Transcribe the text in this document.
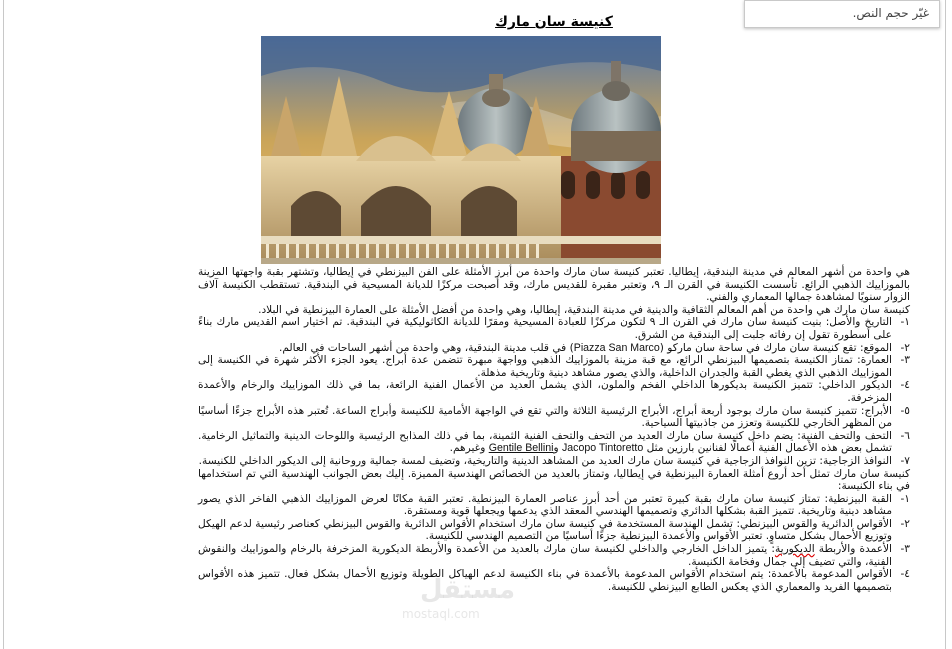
غيّر حجم النص.
كنيسة سان مارك

هي واحدة من أشهر المعالم في مدينة البندقية، إيطاليا. تعتبر كنيسة سان مارك واحدة من أبرز الأمثلة على الفن البيزنطي في إيطاليا، وتشتهر بقبة واجهتها المزينة بالموزاييك الذهبي الرائع. تأسست الكنيسة في القرن الـ ٩، وتعتبر مقبرة للقديس مارك، وقد أصبحت مركزًا للديانة المسيحية في البندقية. تستقطب الكنيسة آلاف الزوار سنويًا لمشاهدة جمالها المعماري والفني.

كنيسة سان مارك هي واحدة من أهم المعالم الثقافية والدينية في مدينة البندقية، إيطاليا، وهي واحدة من أفضل الأمثلة على العمارة البيزنطية في البلاد.

١-
التاريخ والأصل: بنيت كنيسة سان مارك في القرن الـ ٩ لتكون مركزًا للعبادة المسيحية ومقرًا للديانة الكاثوليكية في البندقية. تم اختيار اسم القديس مارك بناءً على أسطورة تقول إن رفاته جلبت إلى البندقية من الشرق.

٢-
الموقع: تقع كنيسة سان مارك في ساحة سان ماركو (Piazza San Marco) في قلب مدينة البندقية، وهي واحدة من أشهر الساحات في العالم.

٣-
العمارة: تمتاز الكنيسة بتصميمها البيزنطي الرائع، مع قبة مزينة بالموزاييك الذهبي وواجهة مبهرة تتضمن عدة أبراج. يعود الجزء الأكثر شهرة في الكنيسة إلى الموزاييك الذهبي الذي يغطي القبة والجدران الداخلية، والذي يصور مشاهد دينية وتاريخية مذهلة.

٤-
الديكور الداخلي: تتميز الكنيسة بديكورها الداخلي الفخم والملون، الذي يشمل العديد من الأعمال الفنية الرائعة، بما في ذلك الموزاييك والرخام والأعمدة المزخرفة.

٥-
الأبراج: تتميز كنيسة سان مارك بوجود أربعة أبراج، الأبراج الرئيسية الثلاثة والتي تقع في الواجهة الأمامية للكنيسة وأبراج الساعة. تُعتبر هذه الأبراج جزءًا أساسيًا من المظهر الخارجي للكنيسة وتعزز من جاذبيتها السياحية.

٦-
التحف والتحف الفنية: يضم داخل كنيسة سان مارك العديد من التحف والتحف الفنية الثمينة، بما في ذلك المذابح الرئيسية واللوحات الدينية والتماثيل الرخامية. تشمل بعض هذه الأعمال الفنية أعمالًا لفنانين بارزين مثل Jacopo Tintoretto وGentile Bellini وغيرهم.

٧-
النوافذ الزجاجية: تزين النوافذ الزجاجية في كنيسة سان مارك العديد من المشاهد الدينية والتاريخية، وتضيف لمسة جمالية وروحانية إلى الديكور الداخلي للكنيسة.

كنيسة سان مارك تمثل أحد أروع أمثلة العمارة البيزنطية في إيطاليا، وتمتاز بالعديد من الخصائص الهندسية المميزة. إليك بعض الجوانب الهندسية التي تم استخدامها في بناء الكنيسة:

١-
القبة البيزنطية: تمتاز كنيسة سان مارك بقبة كبيرة تعتبر من أحد أبرز عناصر العمارة البيزنطية. تعتبر القبة مكانًا لعرض الموزاييك الذهبي الفاخر الذي يصور مشاهد دينية وتاريخية. تتميز القبة بشكلها الدائري وتصميمها الهندسي المعقد الذي يدعمها ويجعلها قوية ومستقرة.

٢-
الأقواس الدائرية والقوس البيزنطي: تشمل الهندسة المستخدمة في كنيسة سان مارك استخدام الأقواس الدائرية والقوس البيزنطي كعناصر رئيسية لدعم الهيكل وتوزيع الأحمال بشكل متساوٍ. تعتبر الأقواس والأعمدة البيزنطية جزءًا أساسيًا من التصميم الهندسي للكنيسة.

٣-
الأعمدة والأربطة الديكورية: يتميز الداخل الخارجي والداخلي لكنيسة سان مارك بالعديد من الأعمدة والأربطة الديكورية المزخرفة بالرخام والموزاييك والنقوش الفنية، والتي تضيف إلى جمال وفخامة الكنيسة.

٤-
الأقواس المدعومة بالأعمدة: يتم استخدام الأقواس المدعومة بالأعمدة في بناء الكنيسة لدعم الهياكل الطويلة وتوزيع الأحمال بشكل فعال. تتميز هذه الأقواس بتصميمها الفريد والمعماري الذي يعكس الطابع البيزنطي للكنيسة.

مستقل
mostaql.com
